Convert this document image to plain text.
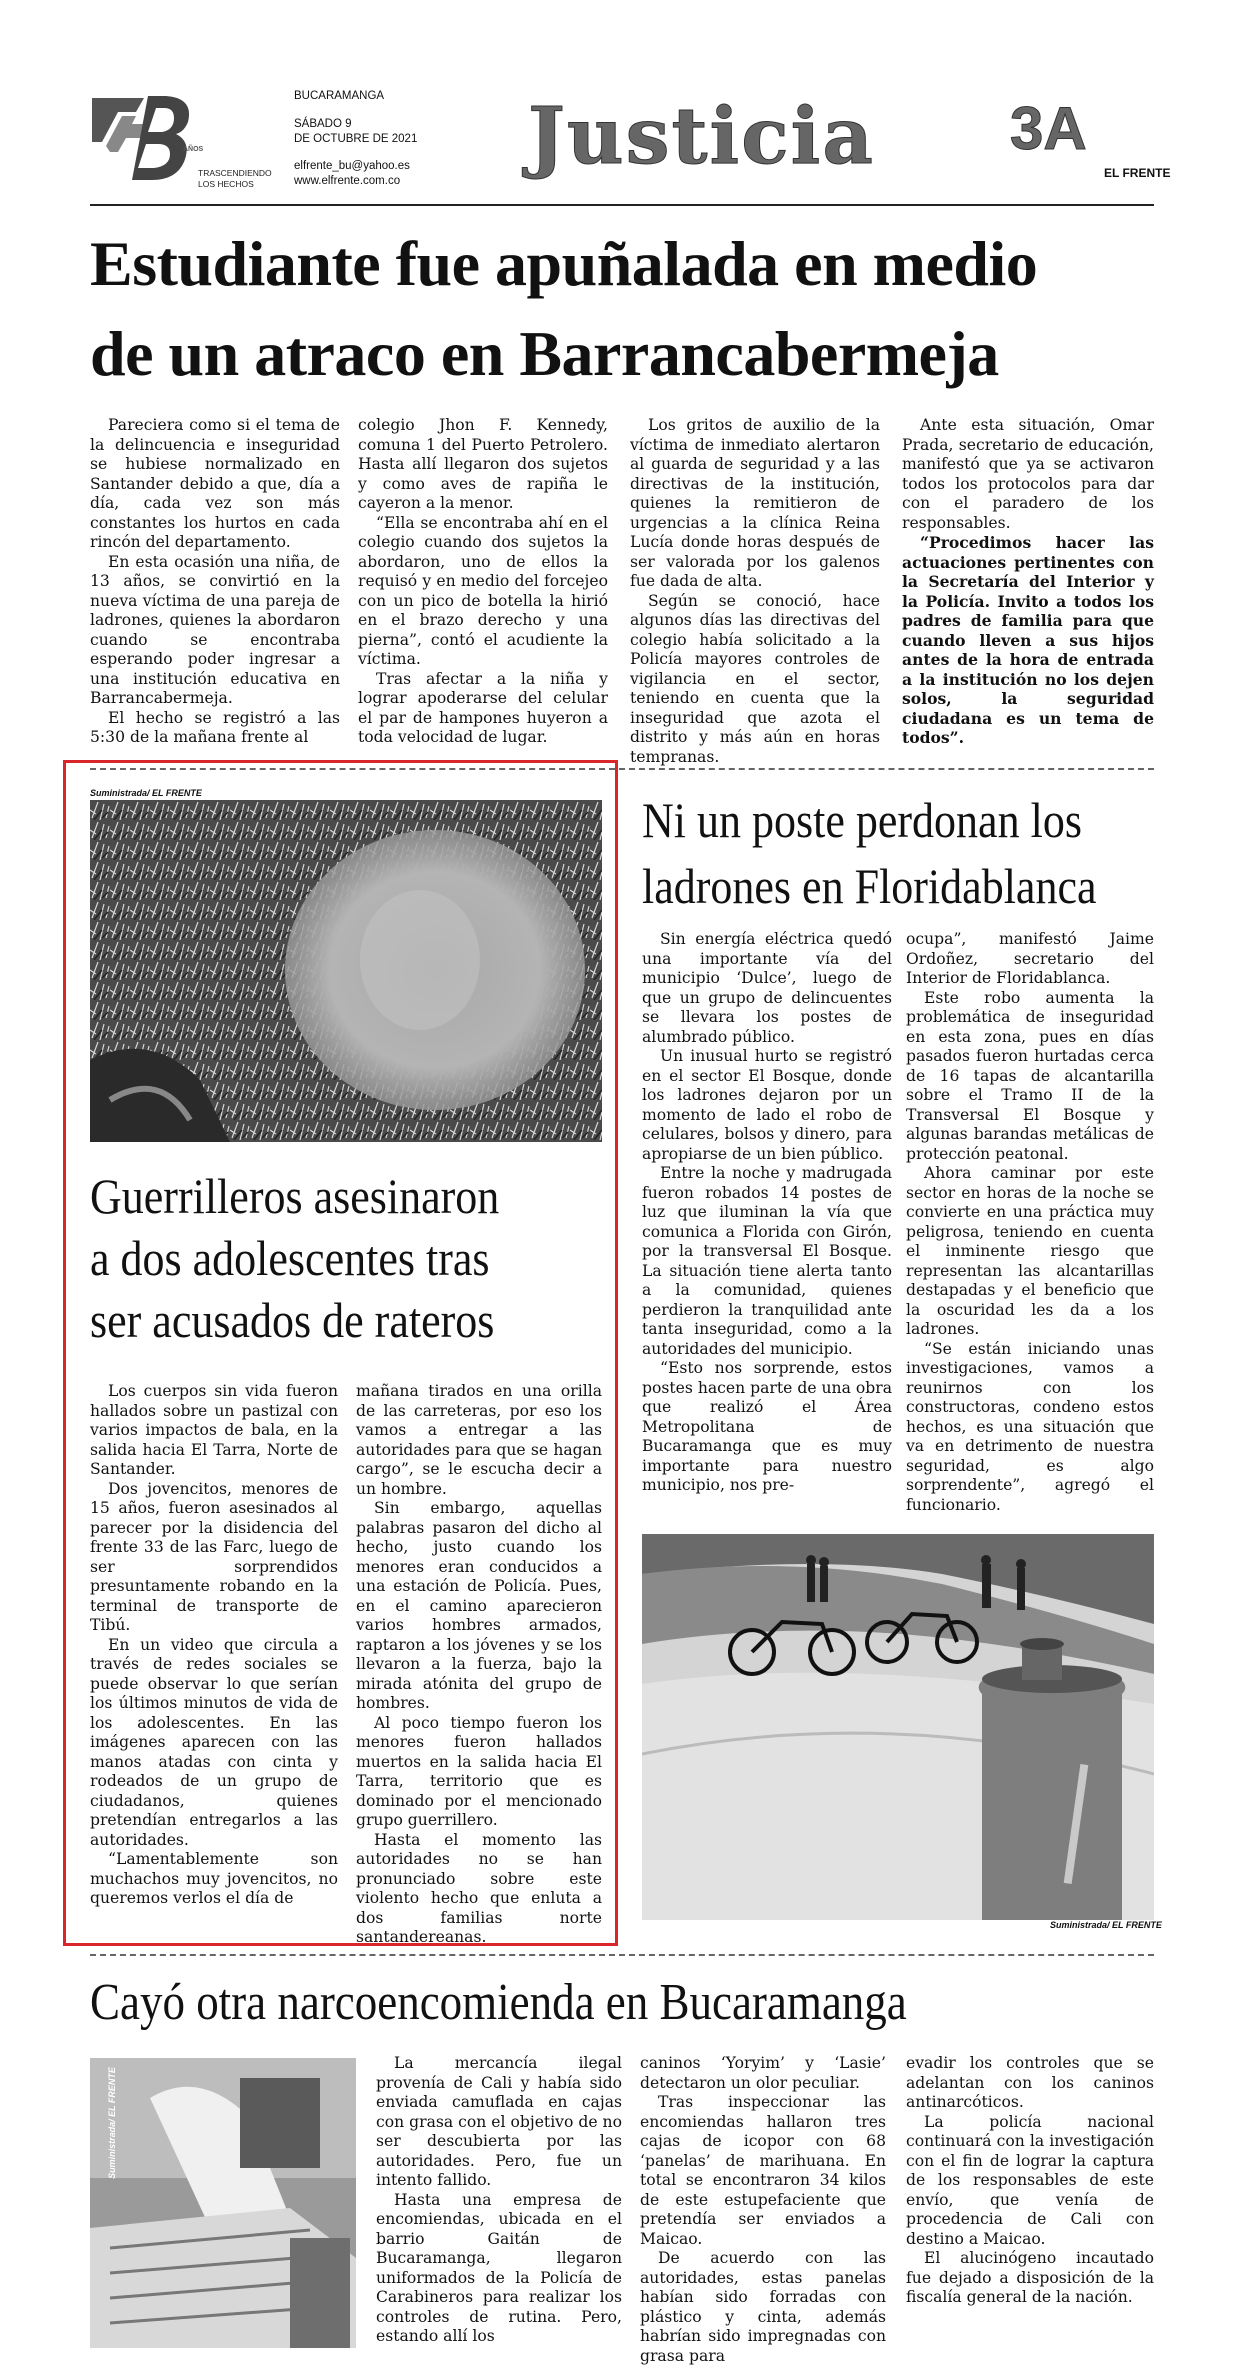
AÑOS
TRASCENDIENDO
LOS HECHOS
BUCARAMANGA
SÁBADO 9
DE OCTUBRE DE 2021
elfrente_bu@yahoo.es
www.elfrente.com.co Justicia 3A
EL FRENTE
Estudiante fue apuñalada en medio
de un atraco en Barrancabermeja

Pareciera como si el tema de la delincuencia e inseguridad se hubiese normalizado en Santander debido a que, día a día, cada vez son más constantes los hurtos en cada rincón del departamento.

En esta ocasión una niña, de 13 años, se convirtió en la nueva víctima de una pareja de ladrones, quienes la abordaron cuando se encontraba esperando poder ingresar a una institución educativa en Barrancabermeja.

El hecho se registró a las 5:30 de la mañana frente al

colegio Jhon F. Kennedy, comuna 1 del Puerto Petrolero. Hasta allí llegaron dos sujetos y como aves de rapiña le cayeron a la menor.

“Ella se encontraba ahí en el colegio cuando dos sujetos la abordaron, uno de ellos la requisó y en medio del forcejeo con un pico de botella la hirió en el brazo derecho y una pierna”, contó el acudiente la víctima.

Tras afectar a la niña y lograr apoderarse del celular el par de hampones huyeron a toda velocidad de lugar.

Los gritos de auxilio de la víctima de inmediato alertaron al guarda de seguridad y a las directivas de la institución, quienes la remitieron de urgencias a la clínica Reina Lucía donde horas después de ser valorada por los galenos fue dada de alta.

Según se conoció, hace algunos días las directivas del colegio había solicitado a la Policía mayores controles de vigilancia en el sector, teniendo en cuenta que la inseguridad que azota el distrito y más aún en horas tempranas.

Ante esta situación, Omar Prada, secretario de educación, manifestó que ya se activaron todos los protocolos para dar con el paradero de los responsables.

“Procedimos hacer las actuaciones pertinentes con la Secretaría del Interior y la Policía. Invito a todos los padres de familia para que cuando lleven a sus hijos antes de la hora de entrada a la institución no los dejen solos, la seguridad ciudadana es un tema de todos”.

Suministrada/ EL FRENTE
Guerrilleros asesinaron
a dos adolescentes tras
ser acusados de rateros

Los cuerpos sin vida fueron hallados sobre un pastizal con varios impactos de bala, en la salida hacia El Tarra, Norte de Santander.

Dos jovencitos, menores de 15 años, fueron asesinados al parecer por la disidencia del frente 33 de las Farc, luego de ser sorprendidos presuntamente robando en la terminal de transporte de Tibú.

En un video que circula a través de redes sociales se puede observar lo que serían los últimos minutos de vida de los adolescentes. En las imágenes aparecen con las manos atadas con cinta y rodeados de un grupo de ciudadanos, quienes pretendían entregarlos a las autoridades.

“Lamentablemente son muchachos muy jovencitos, no queremos verlos el día de

mañana tirados en una orilla de las carreteras, por eso los vamos a entregar a las autoridades para que se hagan cargo”, se le escucha decir a un hombre.

Sin embargo, aquellas palabras pasaron del dicho al hecho, justo cuando los menores eran conducidos a una estación de Policía. Pues, en el camino aparecieron varios hombres armados, raptaron a los jóvenes y se los llevaron a la fuerza, bajo la mirada atónita del grupo de hombres.

Al poco tiempo fueron los menores fueron hallados muertos en la salida hacia El Tarra, territorio que es dominado por el mencionado grupo guerrillero.

Hasta el momento las autoridades no se han pronunciado sobre este violento hecho que enluta a dos familias norte santandereanas.

Ni un poste perdonan los
ladrones en Floridablanca

Sin energía eléctrica quedó una importante vía del municipio ‘Dulce’, luego de que un grupo de delincuentes se llevara los postes de alumbrado público.

Un inusual hurto se registró en el sector El Bosque, donde los ladrones dejaron por un momento de lado el robo de celulares, bolsos y dinero, para apropiarse de un bien público.

Entre la noche y madrugada fueron robados 14 postes de luz que iluminan la vía que comunica a Florida con Girón, por la transversal El Bosque. La situación tiene alerta tanto a la comunidad, quienes perdieron la tranquilidad ante tanta inseguridad, como a la autoridades del municipio.

“Esto nos sorprende, estos postes hacen parte de una obra que realizó el Área Metropolitana de Bucaramanga que es muy importante para nuestro municipio, nos pre-

ocupa”, manifestó Jaime Ordoñez, secretario del Interior de Floridablanca.

Este robo aumenta la problemática de inseguridad en esta zona, pues en días pasados fueron hurtadas cerca de 16 tapas de alcantarilla sobre el Tramo II de la Transversal El Bosque y algunas barandas metálicas de protección peatonal.

Ahora caminar por este sector en horas de la noche se convierte en una práctica muy peligrosa, teniendo en cuenta el inminente riesgo que representan las alcantarillas destapadas y el beneficio que la oscuridad les da a los ladrones.

“Se están iniciando unas investigaciones, vamos a reunirnos con los constructoras, condeno estos hechos, es una situación que va en detrimento de nuestra seguridad, es algo sorprendente”, agregó el funcionario.

Suministrada/ EL FRENTE
Cayó otra narcoencomienda en Bucaramanga
Suministrada/ EL FRENTE

La mercancía ilegal provenía de Cali y había sido enviada camuflada en cajas con grasa con el objetivo de no ser descubierta por las autoridades. Pero, fue un intento fallido.

Hasta una empresa de encomiendas, ubicada en el barrio Gaitán de Bucaramanga, llegaron uniformados de la Policía de Carabineros para realizar los controles de rutina. Pero, estando allí los

caninos ‘Yoryim’ y ‘Lasie’ detectaron un olor peculiar.

Tras inspeccionar las encomiendas hallaron tres cajas de icopor con 68 ‘panelas’ de marihuana. En total se encontraron 34 kilos de este estupefaciente que pretendía ser enviados a Maicao.

De acuerdo con las autoridades, estas panelas habían sido forradas con plástico y cinta, además habrían sido impregnadas con grasa para

evadir los controles que se adelantan con los caninos antinarcóticos.

La policía nacional continuará con la investigación con el fin de lograr la captura de los responsables de este envío, que venía de procedencia de Cali con destino a Maicao.

El alucinógeno incautado fue dejado a disposición de la fiscalía general de la nación.
